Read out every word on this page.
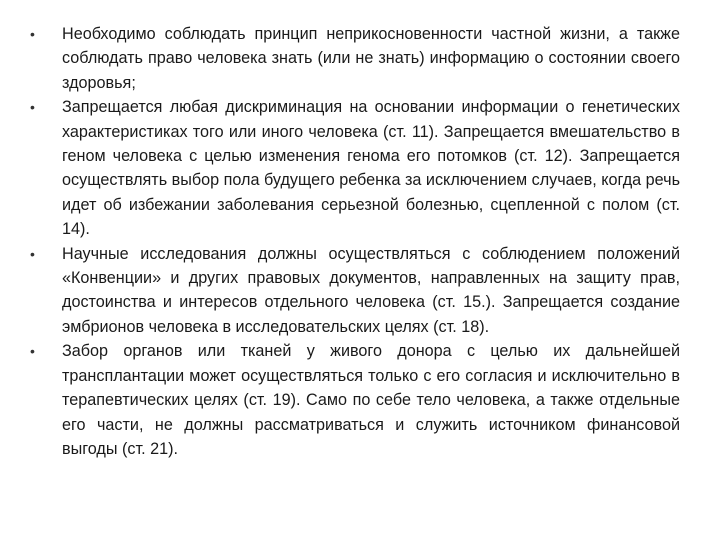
•	Необходимо соблюдать принцип неприкосновенности частной жизни, а также соблюдать право человека знать (или не знать) информацию о состоянии своего здоровья;
•	Запрещается любая дискриминация на основании информации о генетических характеристиках того или иного человека (ст. 11). Запрещается вмешательство в геном человека с целью изменения генома его потомков (ст. 12). Запрещается осуществлять выбор пола будущего ребенка за исключением случаев, когда речь идет об избежании заболевания серьезной болезнью, сцепленной с полом (ст. 14).
•	Научные исследования должны осуществляться с соблюдением положений «Конвенции» и других правовых документов, направленных на защиту прав, достоинства и интересов отдельного человека (ст. 15.). Запрещается создание эмбрионов человека в исследовательских целях (ст. 18).
•	Забор органов или тканей у живого донора с целью их дальнейшей трансплантации может осуществляться только с его согласия и исключительно в терапевтических целях (ст. 19). Само по себе тело человека, а также отдельные его части, не должны рассматриваться и служить источником финансовой выгоды (ст. 21).
